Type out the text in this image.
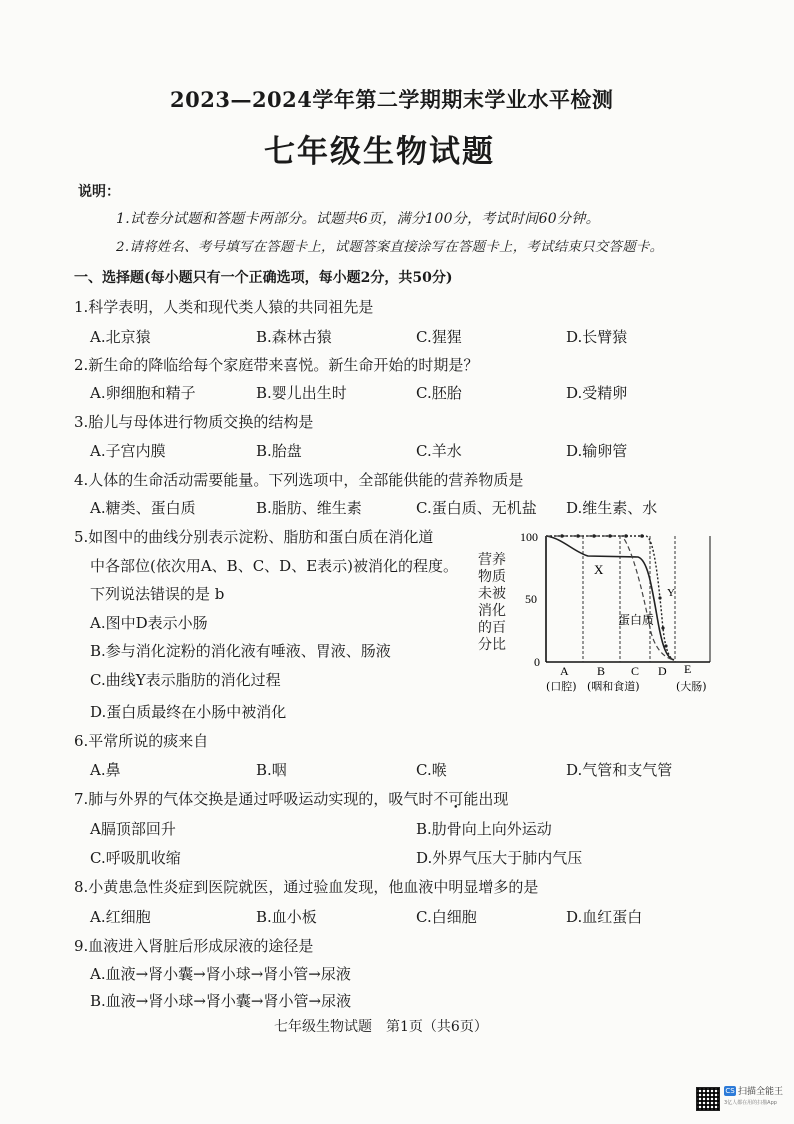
2023—2024学年第二学期期末学业水平检测
七年级生物试题
说明：
1.试卷分试题和答题卡两部分。试题共6页，满分100分，考试时间60分钟。
2.请将姓名、考号填写在答题卡上，试题答案直接涂写在答题卡上，考试结束只交答题卡。
一、选择题(每小题只有一个正确选项，每小题2分，共50分)
1.科学表明，人类和现代类人猿的共同祖先是
A.北京猿	B.森林古猿	C.猩猩	D.长臂猿
2.新生命的降临给每个家庭带来喜悦。新生命开始的时期是？
A.卵细胞和精子	B.婴儿出生时	C.胚胎	D.受精卵
3.胎儿与母体进行物质交换的结构是
A.子宫内膜	B.胎盘	C.羊水	D.输卵管
4.人体的生命活动需要能量。下列选项中，全部能供能的营养物质是
A.糖类、蛋白质	B.脂肪、维生素	C.蛋白质、无机盐 D.维生素、水
5.如图中的曲线分别表示淀粉、脂肪和蛋白质在消化道
中各部位(依次用A、B、C、D、E表示)被消化的程度。
下列说法错误的是 b
A.图中D表示小肠
B.参与消化淀粉的消化液有唾液、胃液、肠液
C.曲线Y表示脂肪的消化过程
D.蛋白质最终在小肠中被消化
营养
物质
未被
消化
的百
分比
100
50
0
X
Y
蛋白质
A B C D E
(口腔) (咽和食道)	(大肠)
6.平常所说的痰来自
A.鼻	B.咽	C.喉	D.气管和支气管
7.肺与外界的气体交换是通过呼吸运动实现的，吸气时不可能出现
A膈顶部回升	B.肋骨向上向外运动
C.呼吸肌收缩	D.外界气压大于肺内气压
8.小黄患急性炎症到医院就医，通过验血发现，他血液中明显增多的是
A.红细胞	B.血小板	C.白细胞	D.血红蛋白
9.血液进入肾脏后形成尿液的途径是
A.血液→肾小囊→肾小球→肾小管→尿液
B.血液→肾小球→肾小囊→肾小管→尿液
七年级生物试题　第1页（共6页）
CS 扫描全能王
3亿人都在用的扫描App
